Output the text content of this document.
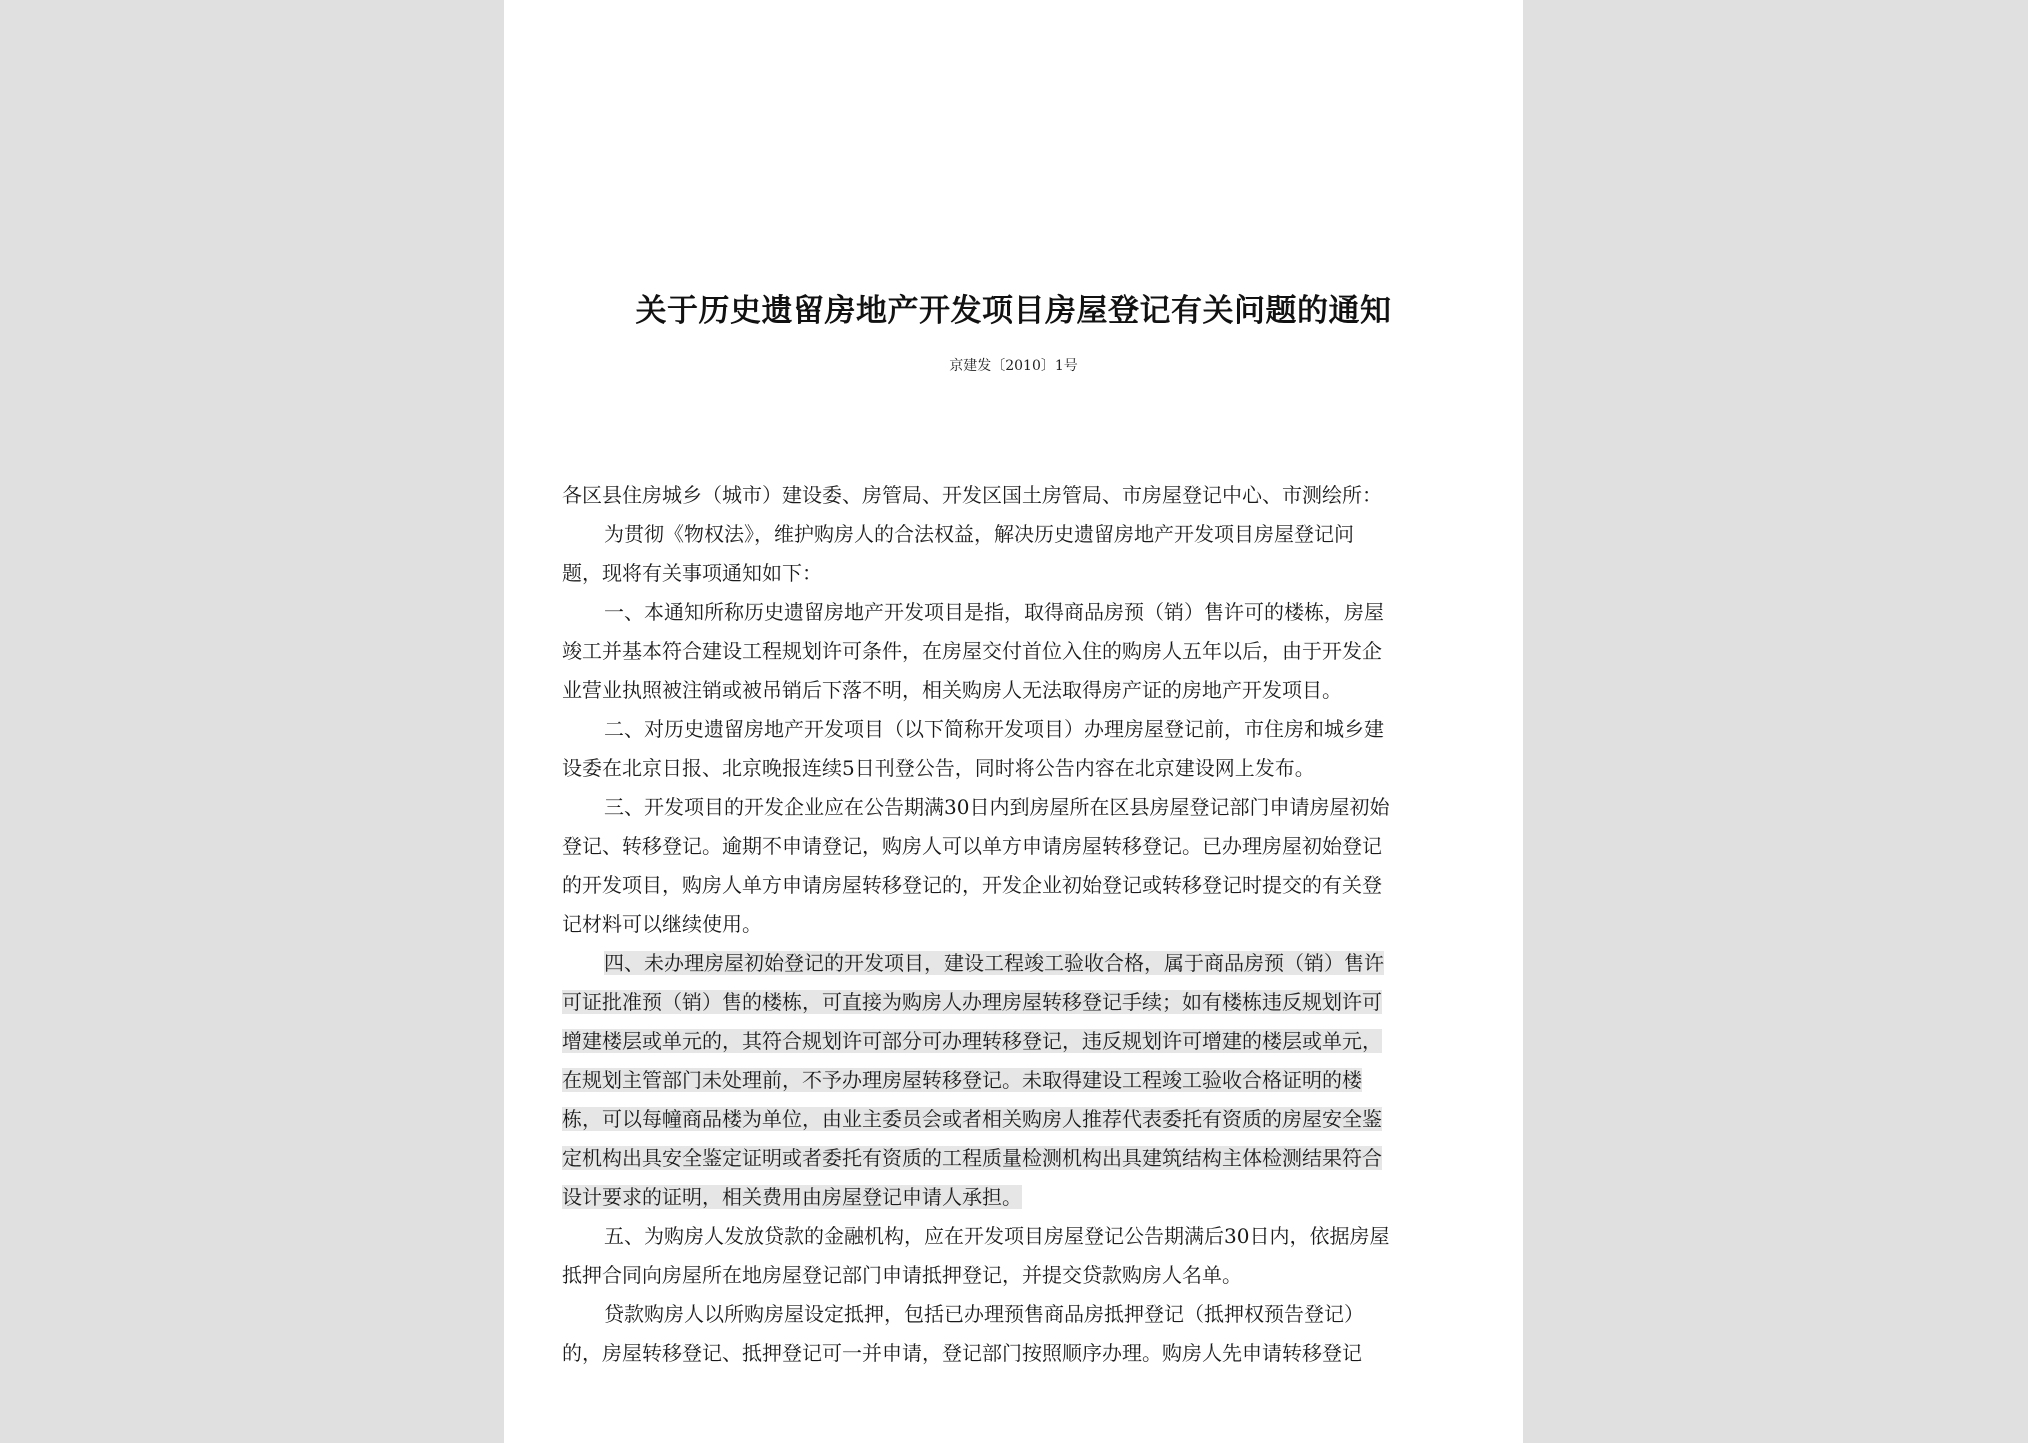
关于历史遗留房地产开发项目房屋登记有关问题的通知
京建发〔2010〕1号

各区县住房城乡（城市）建设委、房管局、开发区国土房管局、市房屋登记中心、市测绘所：

为贯彻《物权法》，维护购房人的合法权益，解决历史遗留房地产开发项目房屋登记问
题，现将有关事项通知如下：

一、本通知所称历史遗留房地产开发项目是指，取得商品房预（销）售许可的楼栋，房屋
竣工并基本符合建设工程规划许可条件，在房屋交付首位入住的购房人五年以后，由于开发企
业营业执照被注销或被吊销后下落不明，相关购房人无法取得房产证的房地产开发项目。

二、对历史遗留房地产开发项目（以下简称开发项目）办理房屋登记前，市住房和城乡建
设委在北京日报、北京晚报连续5日刊登公告，同时将公告内容在北京建设网上发布。

三、开发项目的开发企业应在公告期满30日内到房屋所在区县房屋登记部门申请房屋初始
登记、转移登记。逾期不申请登记，购房人可以单方申请房屋转移登记。已办理房屋初始登记
的开发项目，购房人单方申请房屋转移登记的，开发企业初始登记或转移登记时提交的有关登
记材料可以继续使用。

四、未办理房屋初始登记的开发项目，建设工程竣工验收合格，属于商品房预（销）售许
可证批准预（销）售的楼栋，可直接为购房人办理房屋转移登记手续；如有楼栋违反规划许可
增建楼层或单元的，其符合规划许可部分可办理转移登记，违反规划许可增建的楼层或单元，
在规划主管部门未处理前，不予办理房屋转移登记。未取得建设工程竣工验收合格证明的楼
栋，可以每幢商品楼为单位，由业主委员会或者相关购房人推荐代表委托有资质的房屋安全鉴
定机构出具安全鉴定证明或者委托有资质的工程质量检测机构出具建筑结构主体检测结果符合
设计要求的证明，相关费用由房屋登记申请人承担。

五、为购房人发放贷款的金融机构，应在开发项目房屋登记公告期满后30日内，依据房屋
抵押合同向房屋所在地房屋登记部门申请抵押登记，并提交贷款购房人名单。

贷款购房人以所购房屋设定抵押，包括已办理预售商品房抵押登记（抵押权预告登记）
的，房屋转移登记、抵押登记可一并申请，登记部门按照顺序办理。购房人先申请转移登记
